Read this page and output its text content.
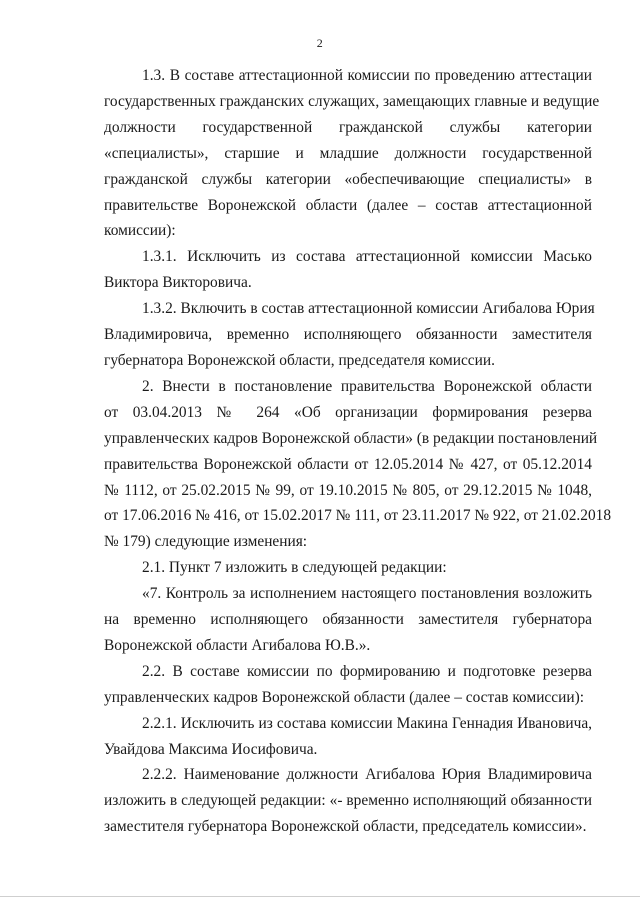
2
1.3. В составе аттестационной комиссии по проведению аттестации
государственных гражданских служащих, замещающих главные и ведущие
должности государственной гражданской службы категории
«специалисты», старшие и младшие должности государственной
гражданской службы категории «обеспечивающие специалисты» в
правительстве Воронежской области (далее – состав аттестационной
комиссии):
1.3.1. Исключить из состава аттестационной комиссии Масько
Виктора Викторовича.
1.3.2. Включить в состав аттестационной комиссии Агибалова Юрия
Владимировича, временно исполняющего обязанности заместителя
губернатора Воронежской области, председателя комиссии.
2. Внести в постановление правительства Воронежской области
от 03.04.2013 № 264 «Об организации формирования резерва
управленческих кадров Воронежской области» (в редакции постановлений
правительства Воронежской области от 12.05.2014 № 427, от 05.12.2014
№ 1112, от 25.02.2015 № 99, от 19.10.2015 № 805, от 29.12.2015 № 1048,
от 17.06.2016 № 416, от 15.02.2017 № 111, от 23.11.2017 № 922, от 21.02.2018
№ 179) следующие изменения:
2.1. Пункт 7 изложить в следующей редакции:
«7. Контроль за исполнением настоящего постановления возложить
на временно исполняющего обязанности заместителя губернатора
Воронежской области Агибалова Ю.В.».
2.2. В составе комиссии по формированию и подготовке резерва
управленческих кадров Воронежской области (далее – состав комиссии):
2.2.1. Исключить из состава комиссии Макина Геннадия Ивановича,
Увайдова Максима Иосифовича.
2.2.2. Наименование должности Агибалова Юрия Владимировича
изложить в следующей редакции: «- временно исполняющий обязанности
заместителя губернатора Воронежской области, председатель комиссии».
